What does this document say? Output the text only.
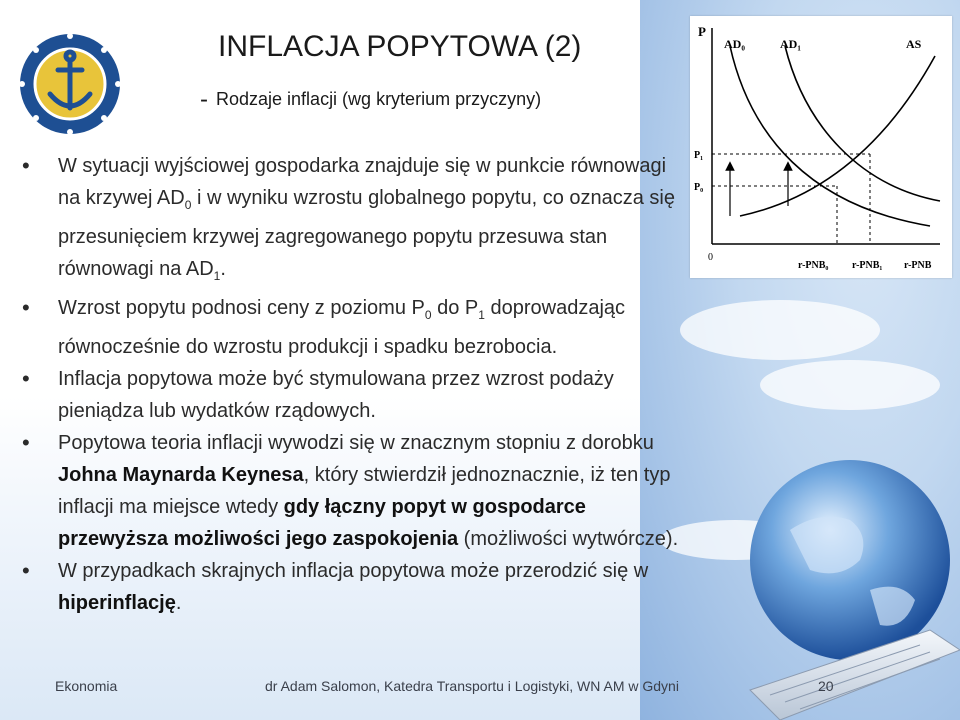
INFLACJA POPYTOWA (2)
- Rodzaje inflacji (wg kryterium przyczyny)
P
0
AD₀	AD₁	AS
P₁
P₀
r-PNB₀ r-PNB₁ r-PNB
• W sytuacji wyjściowej gospodarka znajduje się w punkcie równowagi na krzywej $AD_0$ i w wyniku wzrostu globalnego popytu, co oznacza się przesunięciem krzywej zagregowanego popytu przesuwa stan równowagi na $AD_1$.
• Wzrost popytu podnosi ceny z poziomu $P_0$ do $P_1$ doprowadzając równocześnie do wzrostu produkcji i spadku bezrobocia.
• Inflacja popytowa może być stymulowana przez wzrost podaży pieniądza lub wydatków rządowych.
• Popytowa teoria inflacji wywodzi się w znacznym stopniu z dorobku Johna Maynarda Keynesa, który stwierdził jednoznacznie, iż ten typ inflacji ma miejsce wtedy gdy łączny popyt w gospodarce przewyższa możliwości jego zaspokojenia (możliwości wytwórcze).
• W przypadkach skrajnych inflacja popytowa może przerodzić się w hiperinflację.
Ekonomia	dr Adam Salomon, Katedra Transportu i Logistyki, WN AM w Gdyni	20
